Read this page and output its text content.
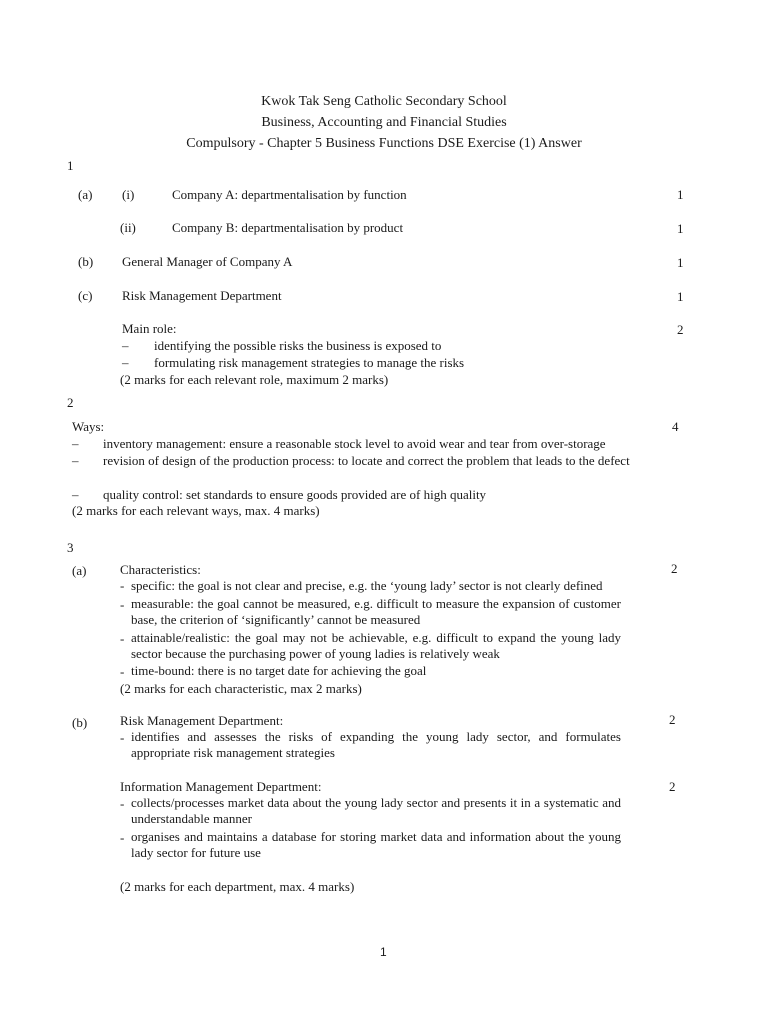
Kwok Tak Seng Catholic Secondary School
Business, Accounting and Financial Studies
Compulsory - Chapter 5 Business Functions DSE Exercise (1) Answer
1
(a) (i)	Company A: departmentalisation by function	1
(ii)	Company B: departmentalisation by product	1
(b) General Manager of Company A	1
(c) Risk Management Department	1
Main role:	2
– identifying the possible risks the business is exposed to
– formulating risk management strategies to manage the risks
(2 marks for each relevant role, maximum 2 marks)
2
Ways:	4
– inventory management: ensure a reasonable stock level to avoid wear and tear from over-storage
– revision of design of the production process: to locate and correct the problem that leads to the defect
– quality control: set standards to ensure goods provided are of high quality
(2 marks for each relevant ways, max. 4 marks)
3
(a)	Characteristics:	2
- specific: the goal is not clear and precise, e.g. the ‘young lady’ sector is not clearly defined
- measurable: the goal cannot be measured, e.g. difficult to measure the expansion of customer base, the criterion of ‘significantly’ cannot be measured
- attainable/realistic: the goal may not be achievable, e.g. difficult to expand the young lady sector because the purchasing power of young ladies is relatively weak
- time-bound: there is no target date for achieving the goal
(2 marks for each characteristic, max 2 marks)
(b)	Risk Management Department:	2
- identifies and assesses the risks of expanding the young lady sector, and formulates appropriate risk management strategies
Information Management Department:	2
- collects/processes market data about the young lady sector and presents it in a systematic and understandable manner
- organises and maintains a database for storing market data and information about the young lady sector for future use
(2 marks for each department, max. 4 marks)
1
